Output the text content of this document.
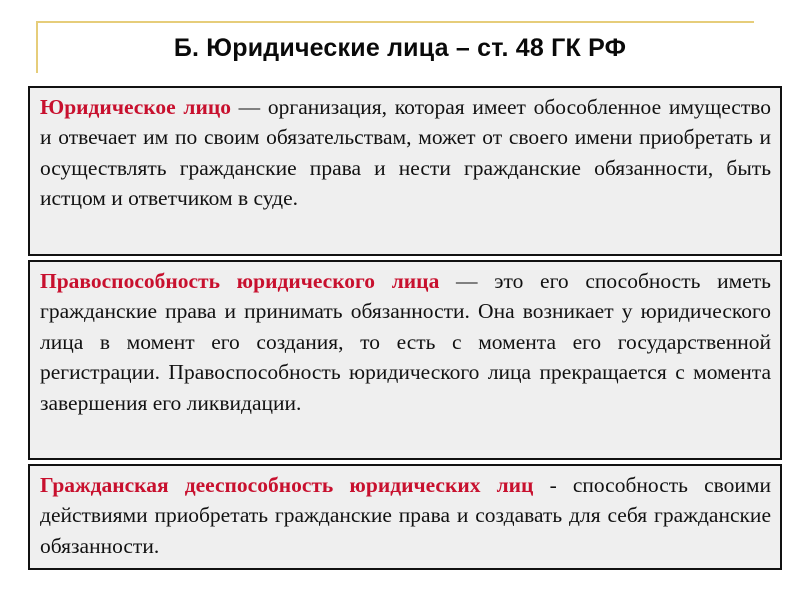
Б. Юридические лица – ст. 48 ГК РФ
Юридическое лицо — организация, которая имеет обособленное имущество и отвечает им по своим обязательствам, может от своего имени приобретать и осуществлять гражданские права и нести гражданские обязанности, быть истцом и ответчиком в суде.
Правоспособность юридического лица — это его способность иметь гражданские права и принимать обязанности. Она возникает у юридического лица в момент его создания, то есть с момента его государственной регистрации. Правоспособность юридического лица прекращается с момента завершения его ликвидации.
Гражданская дееспособность юридических лиц - способность своими действиями приобретать гражданские права и создавать для себя гражданские обязанности.
